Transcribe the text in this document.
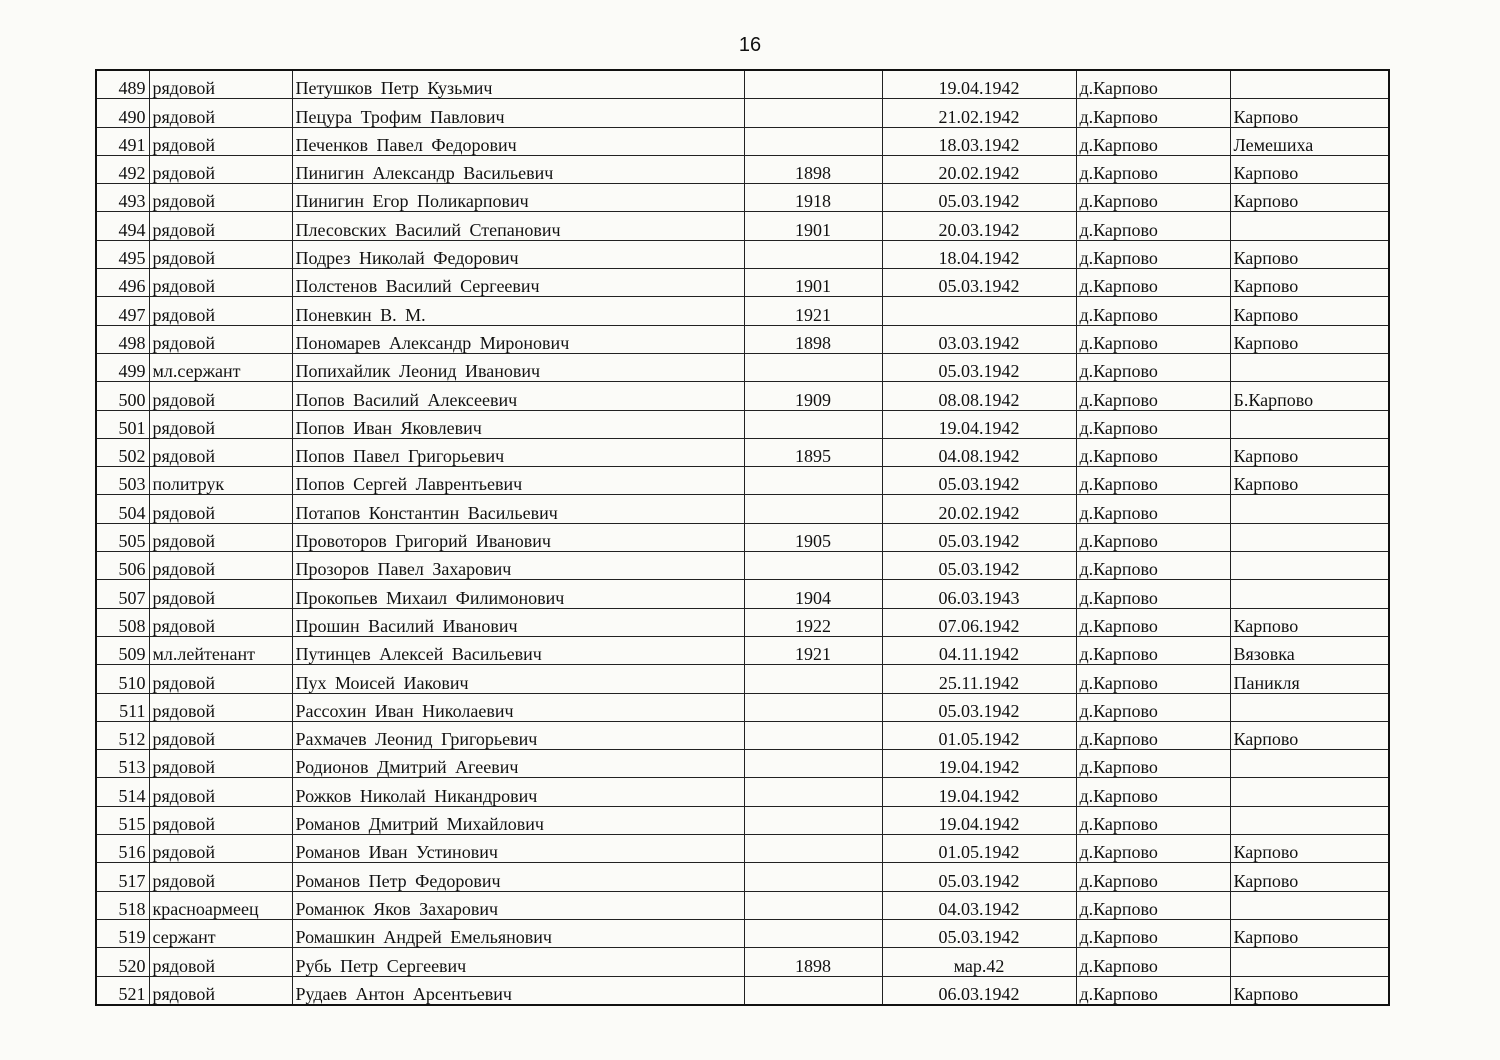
16
489	рядовой	Петушков Петр Кузьмич		19.04.1942	д.Карпово	
490	рядовой	Пецура Трофим Павлович		21.02.1942	д.Карпово	Карпово
491	рядовой	Печенков Павел Федорович		18.03.1942	д.Карпово	Лемешиха
492	рядовой	Пинигин Александр Васильевич	1898	20.02.1942	д.Карпово	Карпово
493	рядовой	Пинигин Егор Поликарпович	1918	05.03.1942	д.Карпово	Карпово
494	рядовой	Плесовских Василий Степанович	1901	20.03.1942	д.Карпово	
495	рядовой	Подрез Николай Федорович		18.04.1942	д.Карпово	Карпово
496	рядовой	Полстенов Василий Сергеевич	1901	05.03.1942	д.Карпово	Карпово
497	рядовой	Поневкин В. М.	1921		д.Карпово	Карпово
498	рядовой	Пономарев Александр Миронович	1898	03.03.1942	д.Карпово	Карпово
499	мл.сержант	Попихайлик Леонид Иванович		05.03.1942	д.Карпово	
500	рядовой	Попов Василий Алексеевич	1909	08.08.1942	д.Карпово	Б.Карпово
501	рядовой	Попов Иван Яковлевич		19.04.1942	д.Карпово	
502	рядовой	Попов Павел Григорьевич	1895	04.08.1942	д.Карпово	Карпово
503	политрук	Попов Сергей Лаврентьевич		05.03.1942	д.Карпово	Карпово
504	рядовой	Потапов Константин Васильевич		20.02.1942	д.Карпово	
505	рядовой	Провоторов Григорий Иванович	1905	05.03.1942	д.Карпово	
506	рядовой	Прозоров Павел Захарович		05.03.1942	д.Карпово	
507	рядовой	Прокопьев Михаил Филимонович	1904	06.03.1943	д.Карпово	
508	рядовой	Прошин Василий Иванович	1922	07.06.1942	д.Карпово	Карпово
509	мл.лейтенант	Путинцев Алексей Васильевич	1921	04.11.1942	д.Карпово	Вязовка
510	рядовой	Пух Моисей Иакович		25.11.1942	д.Карпово	Паникля
511	рядовой	Рассохин Иван Николаевич		05.03.1942	д.Карпово	
512	рядовой	Рахмачев Леонид Григорьевич		01.05.1942	д.Карпово	Карпово
513	рядовой	Родионов Дмитрий Агеевич		19.04.1942	д.Карпово	
514	рядовой	Рожков Николай Никандрович		19.04.1942	д.Карпово	
515	рядовой	Романов Дмитрий Михайлович		19.04.1942	д.Карпово	
516	рядовой	Романов Иван Устинович		01.05.1942	д.Карпово	Карпово
517	рядовой	Романов Петр Федорович		05.03.1942	д.Карпово	Карпово
518	красноармеец	Романюк Яков Захарович		04.03.1942	д.Карпово	
519	сержант	Ромашкин Андрей Емельянович		05.03.1942	д.Карпово	Карпово
520	рядовой	Рубь Петр Сергеевич	1898	мар.42	д.Карпово	
521	рядовой	Рудаев Антон Арсентьевич		06.03.1942	д.Карпово	Карпово
